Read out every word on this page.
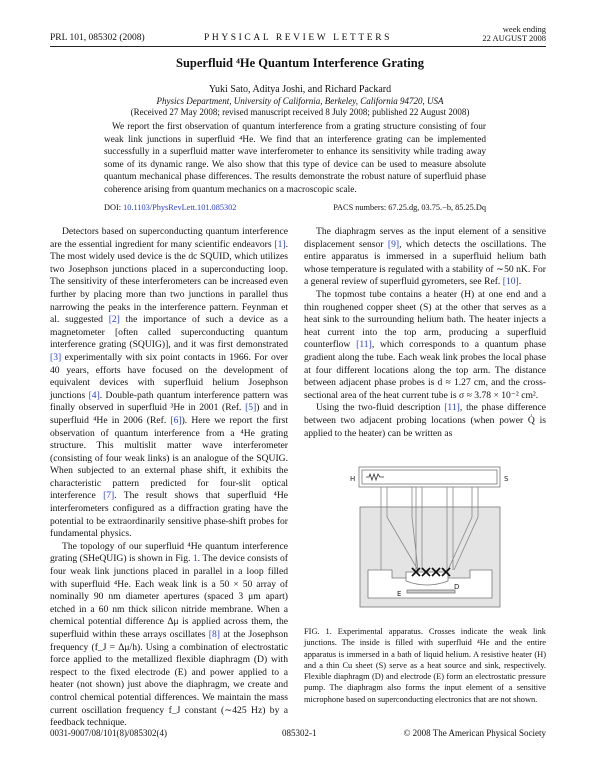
PRL 101, 085302 (2008)	PHYSICAL REVIEW LETTERS
week ending
22 AUGUST 2008
Superfluid ⁴He Quantum Interference Grating
Yuki Sato, Aditya Joshi, and Richard Packard
Physics Department, University of California, Berkeley, California 94720, USA
(Received 27 May 2008; revised manuscript received 8 July 2008; published 22 August 2008)
We report the first observation of quantum interference from a grating structure consisting of four weak link junctions in superfluid ⁴He. We find that an interference grating can be implemented successfully in a superfluid matter wave interferometer to enhance its sensitivity while trading away some of its dynamic range. We also show that this type of device can be used to measure absolute quantum mechanical phase differences. The results demonstrate the robust nature of superfluid phase coherence arising from quantum mechanics on a macroscopic scale.
DOI: 10.1103/PhysRevLett.101.085302	PACS numbers: 67.25.dg, 03.75.−b, 85.25.Dq

Detectors based on superconducting quantum interference are the essential ingredient for many scientific endeavors [1]. The most widely used device is the dc SQUID, which utilizes two Josephson junctions placed in a superconducting loop. The sensitivity of these interferometers can be increased even further by placing more than two junctions in parallel thus narrowing the peaks in the interference pattern. Feynman et al. suggested [2] the importance of such a device as a magnetometer [often called superconducting quantum interference grating (SQUIG)], and it was first demonstrated [3] experimentally with six point contacts in 1966. For over 40 years, efforts have focused on the development of equivalent devices with superfluid helium Josephson junctions [4]. Double-path quantum interference pattern was finally observed in superfluid ³He in 2001 (Ref. [5]) and in superfluid ⁴He in 2006 (Ref. [6]). Here we report the first observation of quantum interference from a ⁴He grating structure. This multislit matter wave interferometer (consisting of four weak links) is an analogue of the SQUIG. When subjected to an external phase shift, it exhibits the characteristic pattern predicted for four-slit optical interference [7]. The result shows that superfluid ⁴He interferometers configured as a diffraction grating have the potential to be extraordinarily sensitive phase-shift probes for fundamental physics.

The topology of our superfluid ⁴He quantum interference grating (SHeQUIG) is shown in Fig. 1. The device consists of four weak link junctions placed in parallel in a loop filled with superfluid ⁴He. Each weak link is a 50 × 50 array of nominally 90 nm diameter apertures (spaced 3 μm apart) etched in a 60 nm thick silicon nitride membrane. When a chemical potential difference Δμ is applied across them, the superfluid within these arrays oscillates [8] at the Josephson frequency (f_J = Δμ/h). Using a combination of electrostatic force applied to the metallized flexible diaphragm (D) with respect to the fixed electrode (E) and power applied to a heater (not shown) just above the diaphragm, we create and control chemical potential differences. We maintain the mass current oscillation frequency f_J constant (∼425 Hz) by a feedback technique.

The diaphragm serves as the input element of a sensitive displacement sensor [9], which detects the oscillations. The entire apparatus is immersed in a superfluid helium bath whose temperature is regulated with a stability of ∼50 nK. For a general review of superfluid gyrometers, see Ref. [10].

The topmost tube contains a heater (H) at one end and a thin roughened copper sheet (S) at the other that serves as a heat sink to the surrounding helium bath. The heater injects a heat current into the top arm, producing a superfluid counterflow [11], which corresponds to a quantum phase gradient along the tube. Each weak link probes the local phase at four different locations along the top arm. The distance between adjacent phase probes is d ≈ 1.27 cm, and the cross-sectional area of the heat current tube is σ ≈ 3.78 × 10⁻² cm².

Using the two-fluid description [11], the phase difference between two adjacent probing locations (when power Q̇ is applied to the heater) can be written as

H	S
D
E
FIG. 1. Experimental apparatus. Crosses indicate the weak link junctions. The inside is filled with superfluid ⁴He and the entire apparatus is immersed in a bath of liquid helium. A resistive heater (H) and a thin Cu sheet (S) serve as a heat source and sink, respectively. Flexible diaphragm (D) and electrode (E) form an electrostatic pressure pump. The diaphragm also forms the input element of a sensitive microphone based on superconducting electronics that are not shown.
0031-9007/08/101(8)/085302(4)	085302-1	© 2008 The American Physical Society
